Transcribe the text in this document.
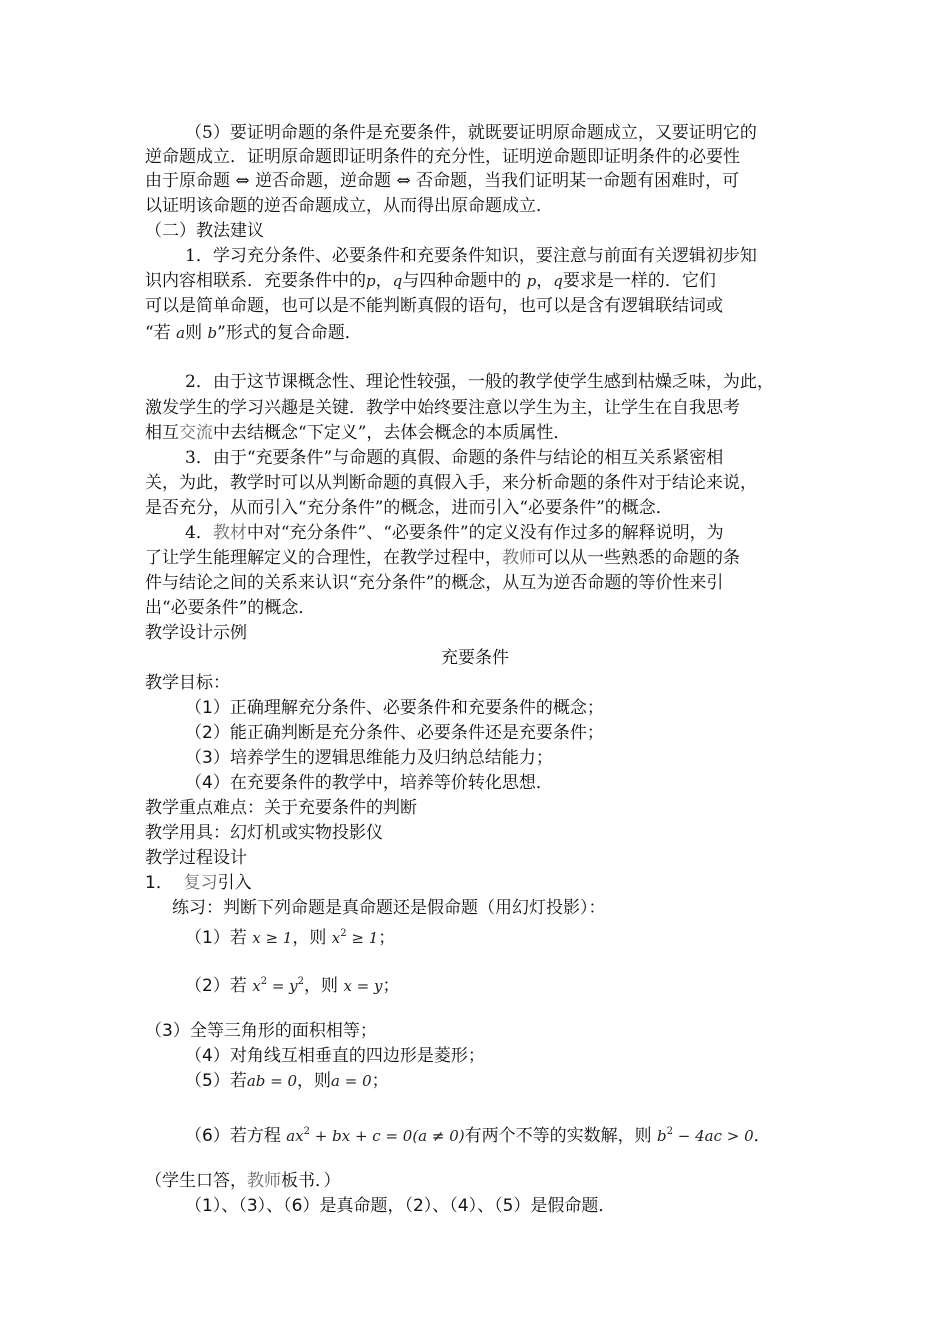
（5）要证明命题的条件是充要条件，就既要证明原命题成立，又要证明它的
逆命题成立．证明原命题即证明条件的充分性，证明逆命题即证明条件的必要性
由于原命题 ⇔ 逆否命题，逆命题 ⇔ 否命题，当我们证明某一命题有困难时，可
以证明该命题的逆否命题成立，从而得出原命题成立．
（二）教法建议
1．学习充分条件、必要条件和充要条件知识，要注意与前面有关逻辑初步知
识内容相联系．充要条件中的p，q与四种命题中的 p，q要求是一样的．它们
可以是简单命题，也可以是不能判断真假的语句，也可以是含有逻辑联结词或
“若 a则 b”形式的复合命题．
2．由于这节课概念性、理论性较强，一般的教学使学生感到枯燥乏味，为此，
激发学生的学习兴趣是关键．教学中始终要注意以学生为主，让学生在自我思考
相互交流中去结概念“下定义”，去体会概念的本质属性．
3．由于“充要条件”与命题的真假、命题的条件与结论的相互关系紧密相
关，为此，教学时可以从判断命题的真假入手，来分析命题的条件对于结论来说，
是否充分，从而引入“充分条件”的概念，进而引入“必要条件”的概念．
4．教材中对“充分条件”、“必要条件”的定义没有作过多的解释说明，为
了让学生能理解定义的合理性，在教学过程中，教师可以从一些熟悉的命题的条
件与结论之间的关系来认识“充分条件”的概念，从互为逆否命题的等价性来引
出“必要条件”的概念．
教学设计示例
充要条件
教学目标：
（1）正确理解充分条件、必要条件和充要条件的概念；
（2）能正确判断是充分条件、必要条件还是充要条件；
（3）培养学生的逻辑思维能力及归纳总结能力；
（4）在充要条件的教学中，培养等价转化思想．
教学重点难点：关于充要条件的判断
教学用具：幻灯机或实物投影仪
教学过程设计
1． 复习引入
练习：判断下列命题是真命题还是假命题（用幻灯投影）：
（1）若 x ≥ 1，则 $x^2 \ge 1$；
（2）若 $x^2 = y^2$，则 x = y；
（3）全等三角形的面积相等；
（4）对角线互相垂直的四边形是菱形；
（5）若ab = 0，则a = 0；
（6）若方程 $ax^2$ + bx + c = 0(a ≠ 0)有两个不等的实数解，则 $b^2 - 4ac > 0$．
（学生口答，教师板书．）
（1）、（3）、（6）是真命题，（2）、（4）、（5）是假命题．
